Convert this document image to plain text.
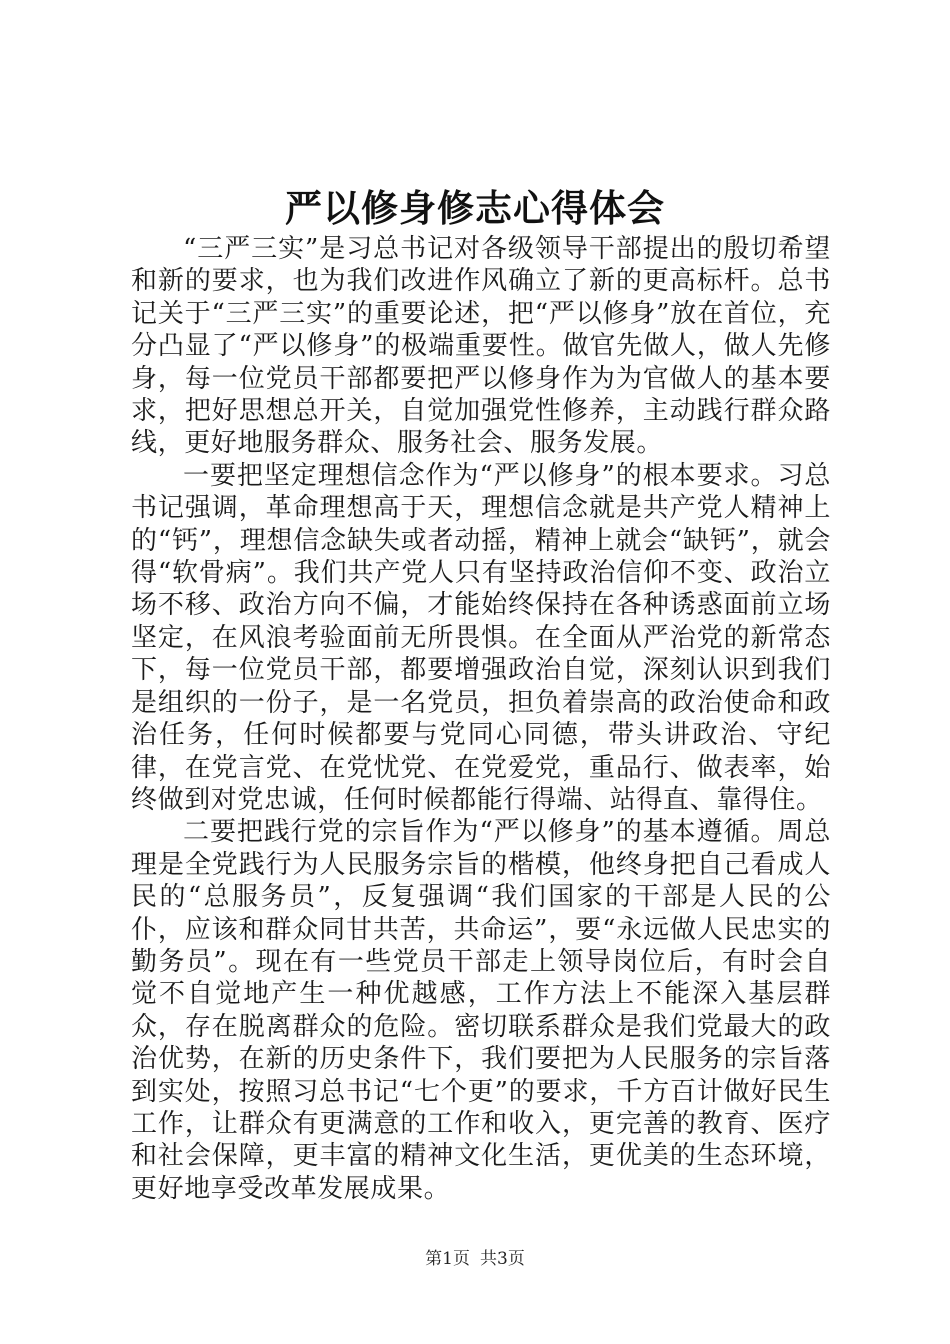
严以修身修志心得体会

“三严三实”是习总书记对各级领导干部提出的殷切希望和新的要求，也为我们改进作风确立了新的更高标杆。总书记关于“三严三实”的重要论述，把“严以修身”放在首位，充分凸显了“严以修身”的极端重要性。做官先做人，做人先修身，每一位党员干部都要把严以修身作为为官做人的基本要求，把好思想总开关，自觉加强党性修养，主动践行群众路线，更好地服务群众、服务社会、服务发展。

一要把坚定理想信念作为“严以修身”的根本要求。习总书记强调，革命理想高于天，理想信念就是共产党人精神上的“钙”，理想信念缺失或者动摇，精神上就会“缺钙”，就会得“软骨病”。我们共产党人只有坚持政治信仰不变、政治立场不移、政治方向不偏，才能始终保持在各种诱惑面前立场坚定，在风浪考验面前无所畏惧。在全面从严治党的新常态下，每一位党员干部，都要增强政治自觉，深刻认识到我们是组织的一份子，是一名党员，担负着崇高的政治使命和政治任务，任何时候都要与党同心同德，带头讲政治、守纪律，在党言党、在党忧党、在党爱党，重品行、做表率，始终做到对党忠诚，任何时候都能行得端、站得直、靠得住。

二要把践行党的宗旨作为“严以修身”的基本遵循。周总理是全党践行为人民服务宗旨的楷模，他终身把自己看成人民的“总服务员”，反复强调“我们国家的干部是人民的公仆，应该和群众同甘共苦，共命运”，要“永远做人民忠实的勤务员”。现在有一些党员干部走上领导岗位后，有时会自觉不自觉地产生一种优越感，工作方法上不能深入基层群众，存在脱离群众的危险。密切联系群众是我们党最大的政治优势，在新的历史条件下，我们要把为人民服务的宗旨落到实处，按照习总书记“七个更”的要求，千方百计做好民生工作，让群众有更满意的工作和收入，更完善的教育、医疗和社会保障，更丰富的精神文化生活，更优美的生态环境，更好地享受改革发展成果。

第1页 共3页
